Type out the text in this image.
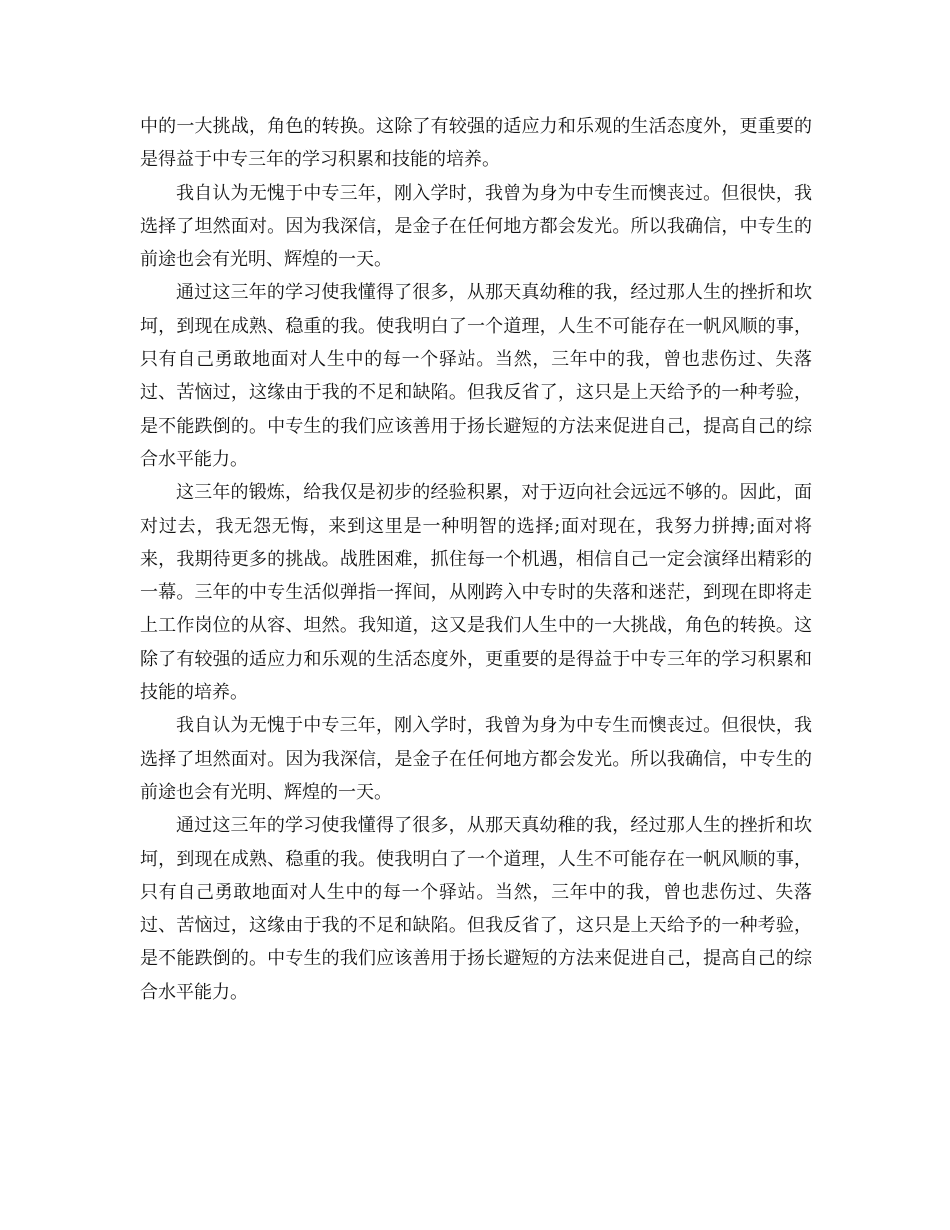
中的一大挑战，角色的转换。这除了有较强的适应力和乐观的生活态度外，更重要的是得益于中专三年的学习积累和技能的培养。

我自认为无愧于中专三年，刚入学时，我曾为身为中专生而懊丧过。但很快，我选择了坦然面对。因为我深信，是金子在任何地方都会发光。所以我确信，中专生的前途也会有光明、辉煌的一天。

通过这三年的学习使我懂得了很多，从那天真幼稚的我，经过那人生的挫折和坎坷，到现在成熟、稳重的我。使我明白了一个道理，人生不可能存在一帆风顺的事，只有自己勇敢地面对人生中的每一个驿站。当然，三年中的我，曾也悲伤过、失落过、苦恼过，这缘由于我的不足和缺陷。但我反省了，这只是上天给予的一种考验，是不能跌倒的。中专生的我们应该善用于扬长避短的方法来促进自己，提高自己的综合水平能力。

这三年的锻炼，给我仅是初步的经验积累，对于迈向社会远远不够的。因此，面对过去，我无怨无悔，来到这里是一种明智的选择;面对现在，我努力拼搏;面对将来，我期待更多的挑战。战胜困难，抓住每一个机遇，相信自己一定会演绎出精彩的一幕。三年的中专生活似弹指一挥间，从刚跨入中专时的失落和迷茫，到现在即将走上工作岗位的从容、坦然。我知道，这又是我们人生中的一大挑战，角色的转换。这除了有较强的适应力和乐观的生活态度外，更重要的是得益于中专三年的学习积累和技能的培养。

我自认为无愧于中专三年，刚入学时，我曾为身为中专生而懊丧过。但很快，我选择了坦然面对。因为我深信，是金子在任何地方都会发光。所以我确信，中专生的前途也会有光明、辉煌的一天。

通过这三年的学习使我懂得了很多，从那天真幼稚的我，经过那人生的挫折和坎坷，到现在成熟、稳重的我。使我明白了一个道理，人生不可能存在一帆风顺的事，只有自己勇敢地面对人生中的每一个驿站。当然，三年中的我，曾也悲伤过、失落过、苦恼过，这缘由于我的不足和缺陷。但我反省了，这只是上天给予的一种考验，是不能跌倒的。中专生的我们应该善用于扬长避短的方法来促进自己，提高自己的综合水平能力。
